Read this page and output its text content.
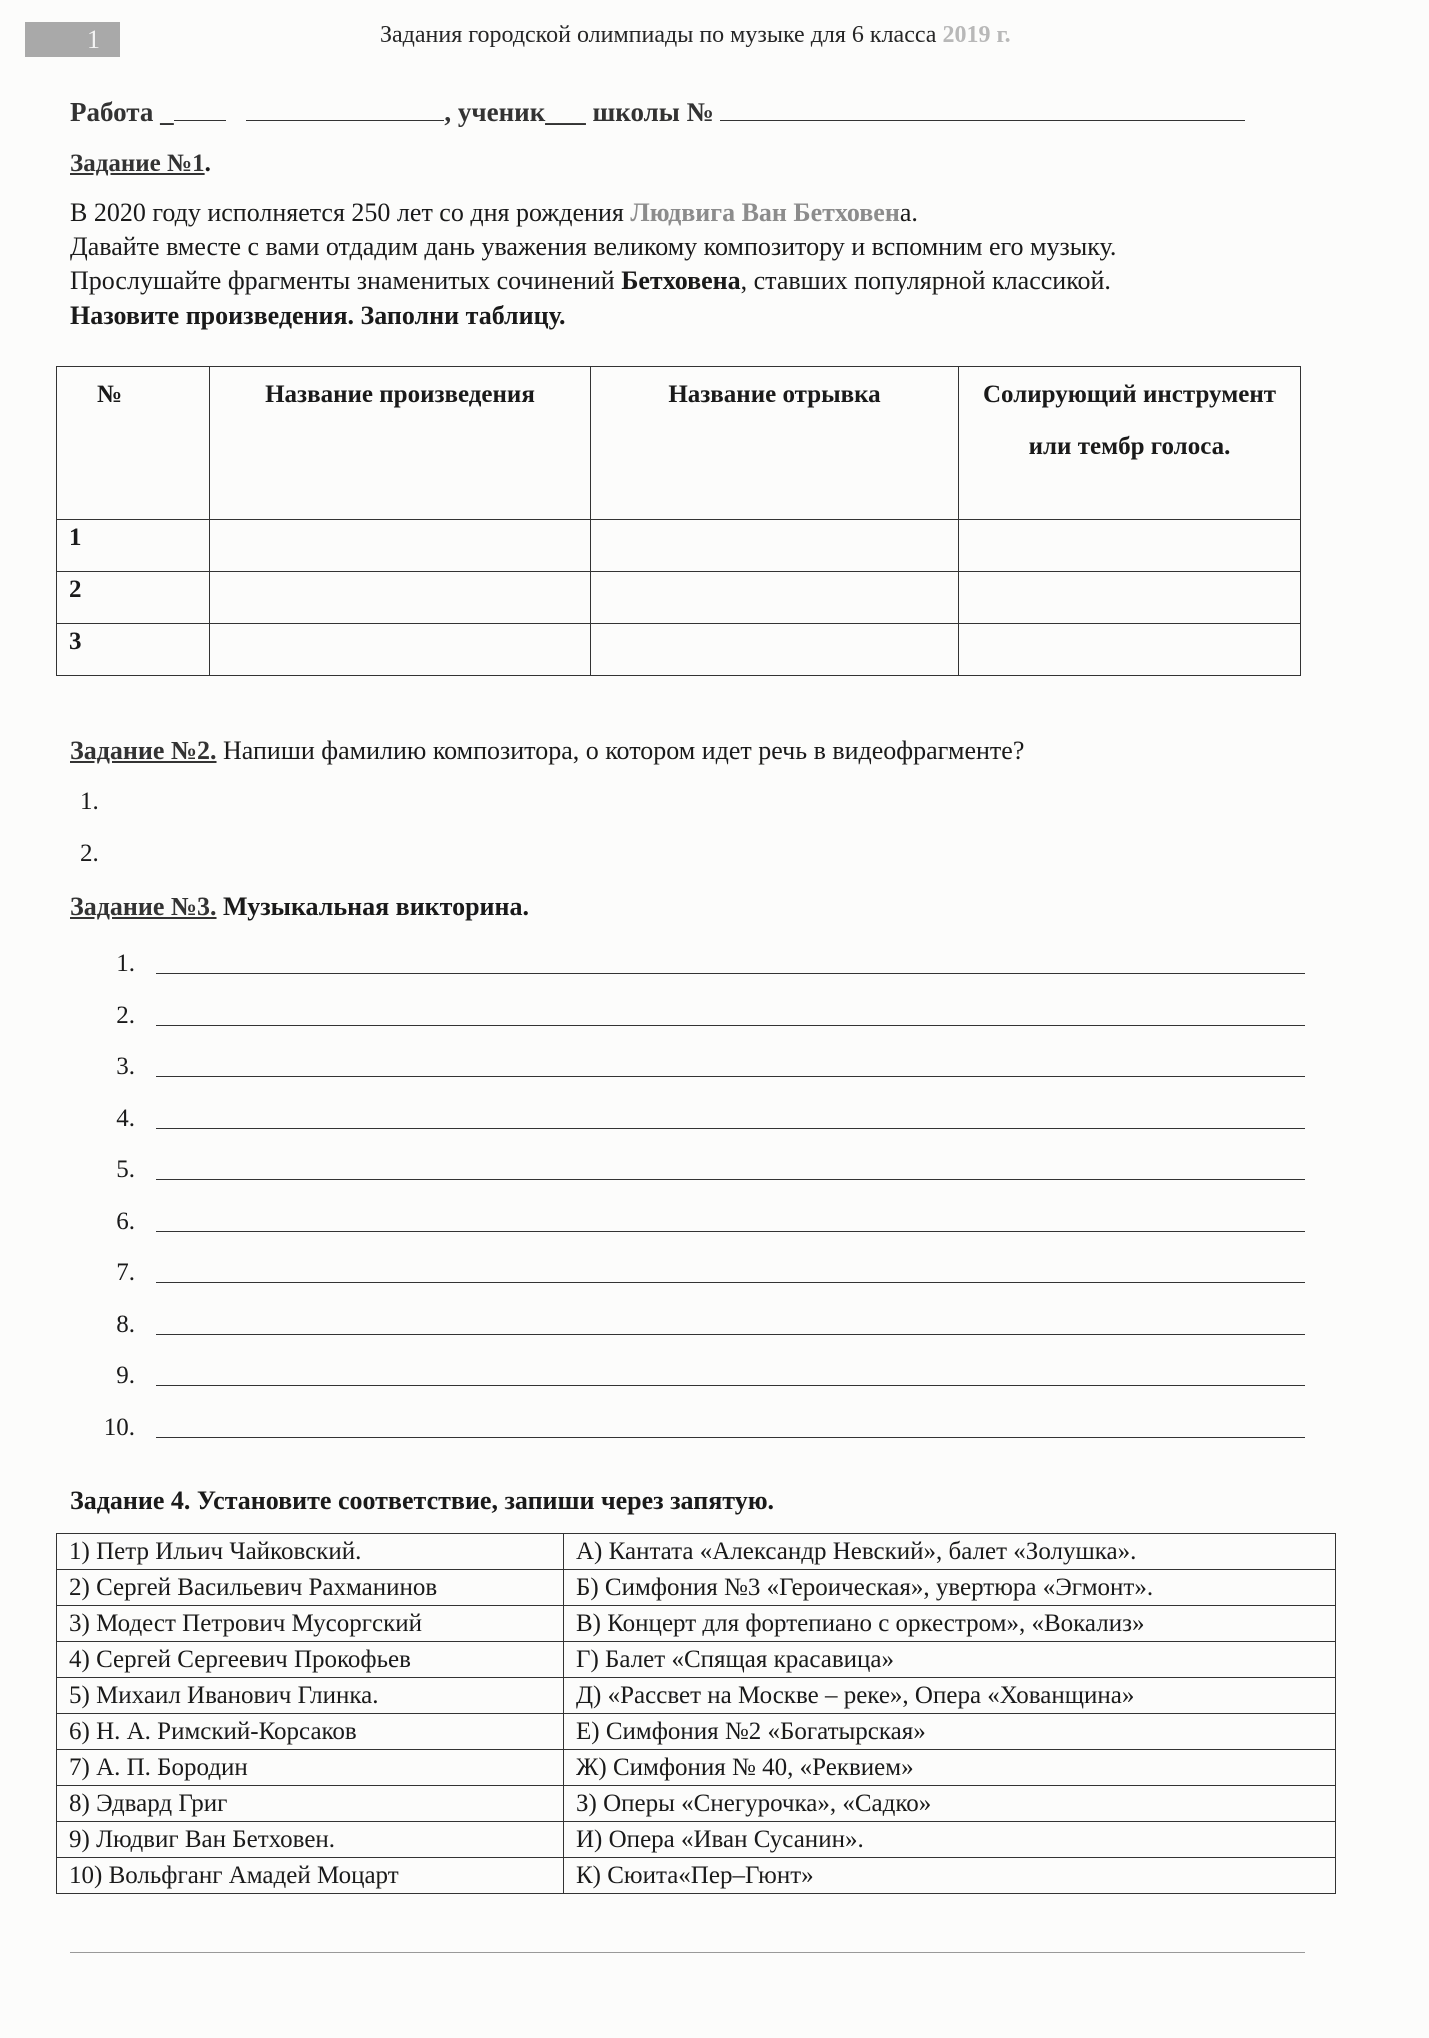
1	Задания городской олимпиады по музыке для 6 класса 2019 г.
Работа _	, ученик___ школы №
Задание №1.
В 2020 году исполняется 250 лет со дня рождения Людвига Ван Бетховена.
Давайте вместе с вами отдадим дань уважения великому композитору и вспомним его музыку.
Прослушайте фрагменты знаменитых сочинений Бетховена, ставших популярной классикой.
Назовите произведения. Заполни таблицу.
№	Название произведения	Название отрывка	Солирующий инструмент или тембр голоса.
1			
2			
3			
Задание №2. Напиши фамилию композитора, о котором идет речь в видеофрагменте?
1.
2.
Задание №3. Музыкальная викторина.
1.
2.
3.
4.
5.
6.
7.
8.
9.
10.
Задание 4. Установите соответствие, запиши через запятую.
1) Петр Ильич Чайковский.	А) Кантата «Александр Невский», балет «Золушка».
2) Сергей Васильевич Рахманинов	Б) Симфония №3 «Героическая», увертюра «Эгмонт».
3) Модест Петрович Мусоргский	В) Концерт для фортепиано с оркестром», «Вокализ»
4) Сергей Сергеевич Прокофьев	Г) Балет «Спящая красавица»
5) Михаил Иванович Глинка.	Д) «Рассвет на Москве – реке», Опера «Хованщина»
6) Н. А. Римский-Корсаков	Е) Симфония №2 «Богатырская»
7) А. П. Бородин	Ж) Симфония № 40, «Реквием»
8) Эдвард Григ	З) Оперы «Снегурочка», «Садко»
9) Людвиг Ван Бетховен.	И) Опера «Иван Сусанин».
10) Вольфганг Амадей Моцарт	К) Сюита«Пер–Гюнт»
